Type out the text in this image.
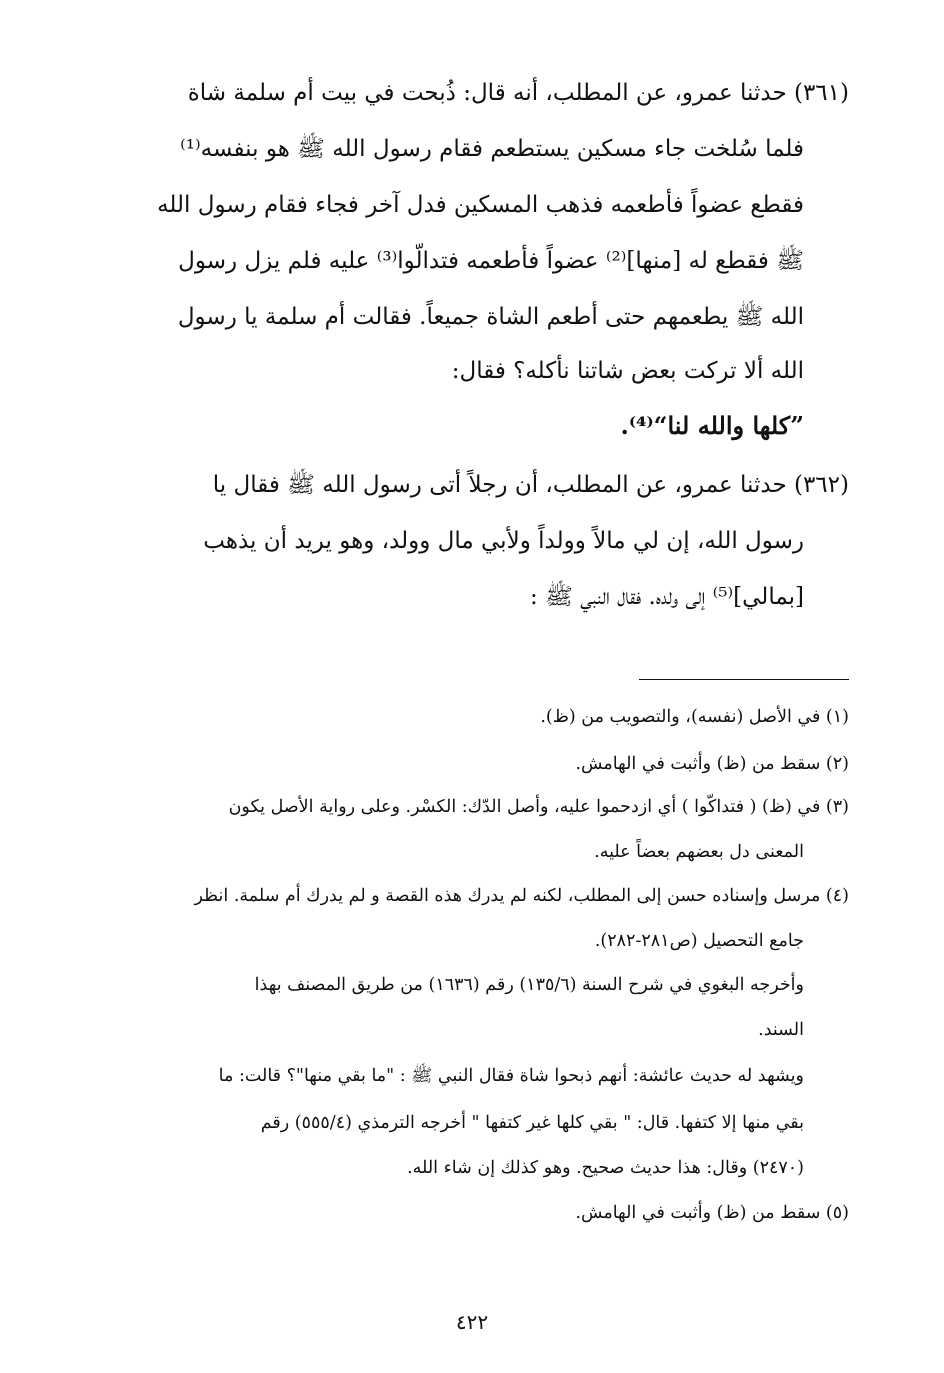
(٣٦١) حدثنا عمرو، عن المطلب، أنه قال: ذُبحت في بيت أم سلمة شاة
فلما سُلخت جاء مسكين يستطعم فقام رسول الله ﷺ هو بنفسه⁽¹⁾
فقطع عضواً فأطعمه فذهب المسكين فدل آخر فجاء فقام رسول الله
ﷺ فقطع له [منها]⁽²⁾ عضواً فأطعمه فتدالّوا⁽³⁾ عليه فلم يزل رسول
الله ﷺ يطعمهم حتى أطعم الشاة جميعاً. فقالت أم سلمة يا رسول
الله ألا تركت بعض شاتنا نأكله؟ فقال:
”كلها والله لنا“⁽⁴⁾.
(٣٦٢) حدثنا عمرو، عن المطلب، أن رجلاً أتى رسول الله ﷺ فقال يا
رسول الله، إن لي مالاً وولداً ولأبي مال وولد، وهو يريد أن يذهب
[بمالي]⁽⁵⁾ إلى ولده. فقال النبي ﷺ :
(١) في الأصل (نفسه)، والتصويب من (ظ).
(٢) سقط من (ظ) وأثبت في الهامش.
(٣) في (ظ) ( فتداكّوا ) أي ازدحموا عليه، وأصل الدّك: الكسْر. وعلى رواية الأصل يكون
المعنى دل بعضهم بعضاً عليه.
(٤) مرسل وإسناده حسن إلى المطلب، لكنه لم يدرك هذه القصة و لم يدرك أم سلمة. انظر
جامع التحصيل (ص٢٨١-٢٨٢).
وأخرجه البغوي في شرح السنة (١٣٥/٦) رقم (١٦٣٦) من طريق المصنف بهذا
السند.
ويشهد له حديث عائشة: أنهم ذبحوا شاة فقال النبي ﷺ : "ما بقي منها"؟ قالت: ما
بقي منها إلا كتفها. قال: " بقي كلها غير كتفها " أخرجه الترمذي (٥٥٥/٤) رقم
(٢٤٧٠) وقال: هذا حديث صحيح. وهو كذلك إن شاء الله.
(٥) سقط من (ظ) وأثبت في الهامش.
٤٢٢
